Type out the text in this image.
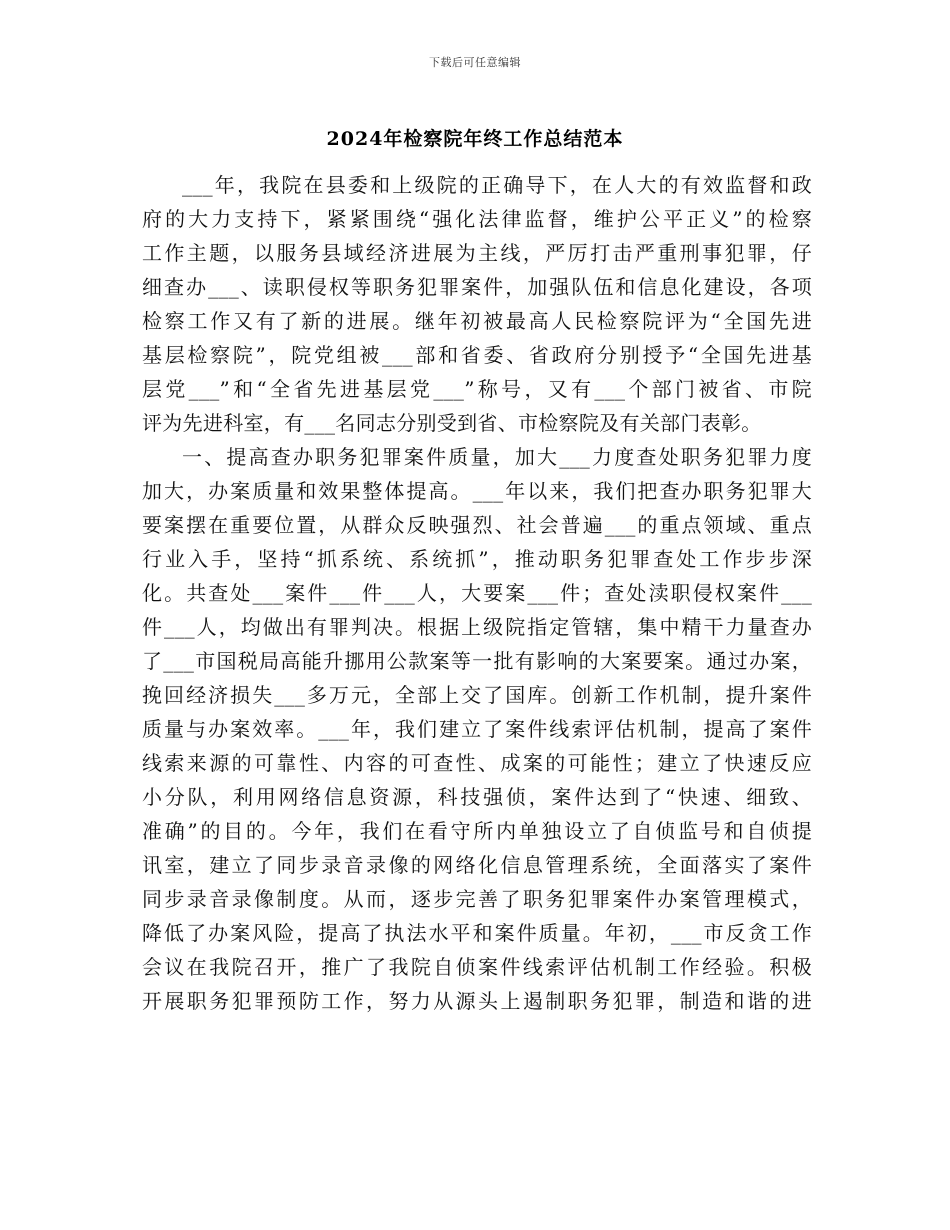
下载后可任意编辑
2024年检察院年终工作总结范本
___年，我院在县委和上级院的正确导下，在人大的有效监督和政
府的大力支持下，紧紧围绕“强化法律监督，维护公平正义”的检察
工作主题，以服务县域经济进展为主线，严厉打击严重刑事犯罪，仔
细查办___、读职侵权等职务犯罪案件，加强队伍和信息化建设，各项
检察工作又有了新的进展。继年初被最高人民检察院评为“全国先进
基层检察院”，院党组被___部和省委、省政府分别授予“全国先进基
层党___”和“全省先进基层党___”称号，又有___个部门被省、市院
评为先进科室，有___名同志分别受到省、市检察院及有关部门表彰。
一、提高查办职务犯罪案件质量，加大___力度查处职务犯罪力度
加大，办案质量和效果整体提高。___年以来，我们把查办职务犯罪大
要案摆在重要位置，从群众反映强烈、社会普遍___的重点领域、重点
行业入手，坚持“抓系统、系统抓”，推动职务犯罪查处工作步步深
化。共查处___案件___件___人，大要案___件；查处渎职侵权案件___
件___人，均做出有罪判决。根据上级院指定管辖，集中精干力量查办
了___市国税局高能升挪用公款案等一批有影响的大案要案。通过办案，
挽回经济损失___多万元，全部上交了国库。创新工作机制，提升案件
质量与办案效率。___年，我们建立了案件线索评估机制，提高了案件
线索来源的可靠性、内容的可查性、成案的可能性；建立了快速反应
小分队，利用网络信息资源，科技强侦，案件达到了“快速、细致、
准确”的目的。今年，我们在看守所内单独设立了自侦监号和自侦提
讯室，建立了同步录音录像的网络化信息管理系统，全面落实了案件
同步录音录像制度。从而，逐步完善了职务犯罪案件办案管理模式，
降低了办案风险，提高了执法水平和案件质量。年初，___市反贪工作
会议在我院召开，推广了我院自侦案件线索评估机制工作经验。积极
开展职务犯罪预防工作，努力从源头上遏制职务犯罪，制造和谐的进
